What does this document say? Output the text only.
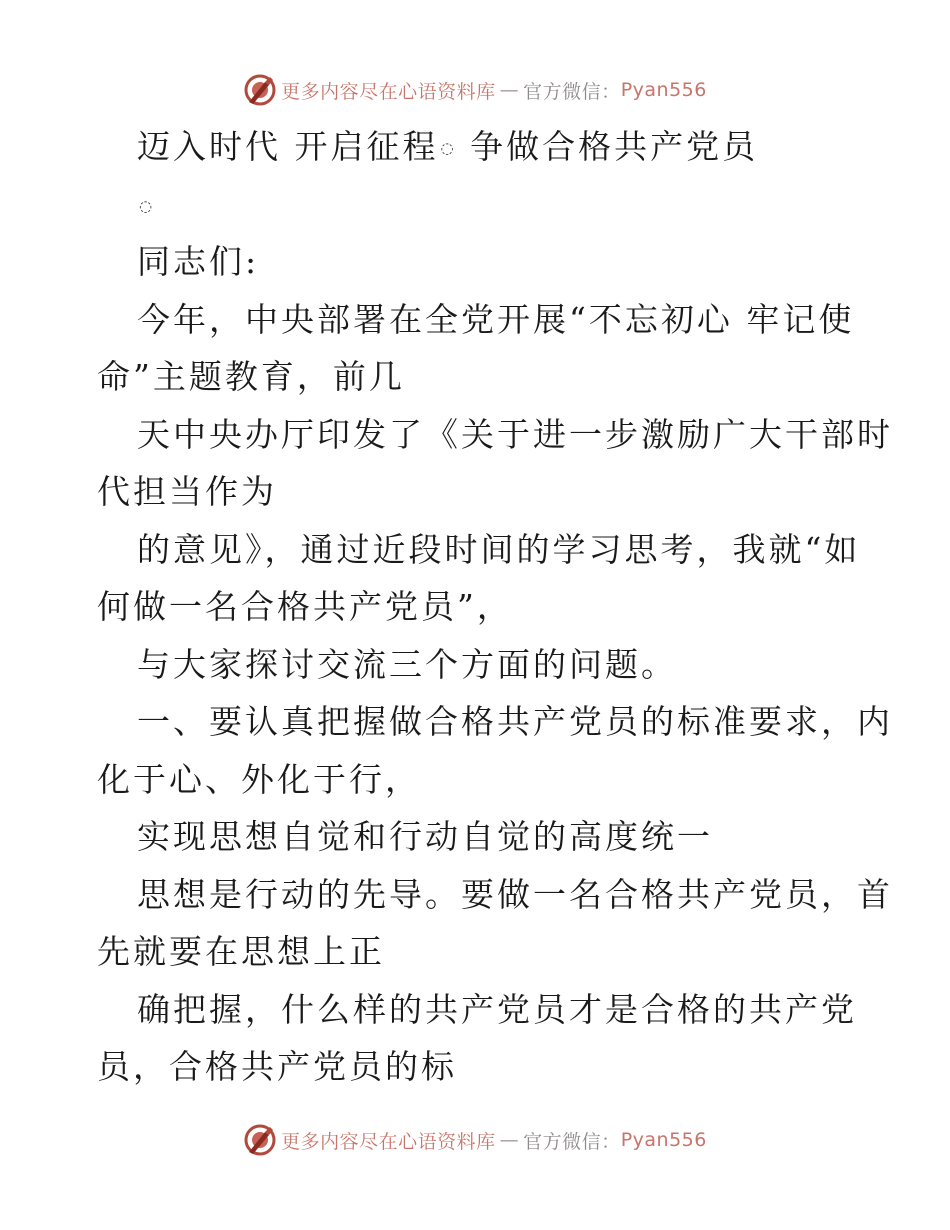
更多内容尽在心语资料库 — 官方微信： Pyan556
迈入时代 开启征程 ◌ 争做合格共产党员
◌
同志们:
今年，中央部署在全党开展“不忘初心 牢记使
命”主题教育，前几
天中央办厅印发了《关于进一步激励广大干部时
代担当作为
的意见》，通过近段时间的学习思考，我就“如
何做一名合格共产党员”，
与大家探讨交流三个方面的问题。
一、要认真把握做合格共产党员的标准要求，内
化于心、外化于行，
实现思想自觉和行动自觉的高度统一
思想是行动的先导。要做一名合格共产党员，首
先就要在思想上正
确把握，什么样的共产党员才是合格的共产党
员，合格共产党员的标
更多内容尽在心语资料库 — 官方微信： Pyan556
